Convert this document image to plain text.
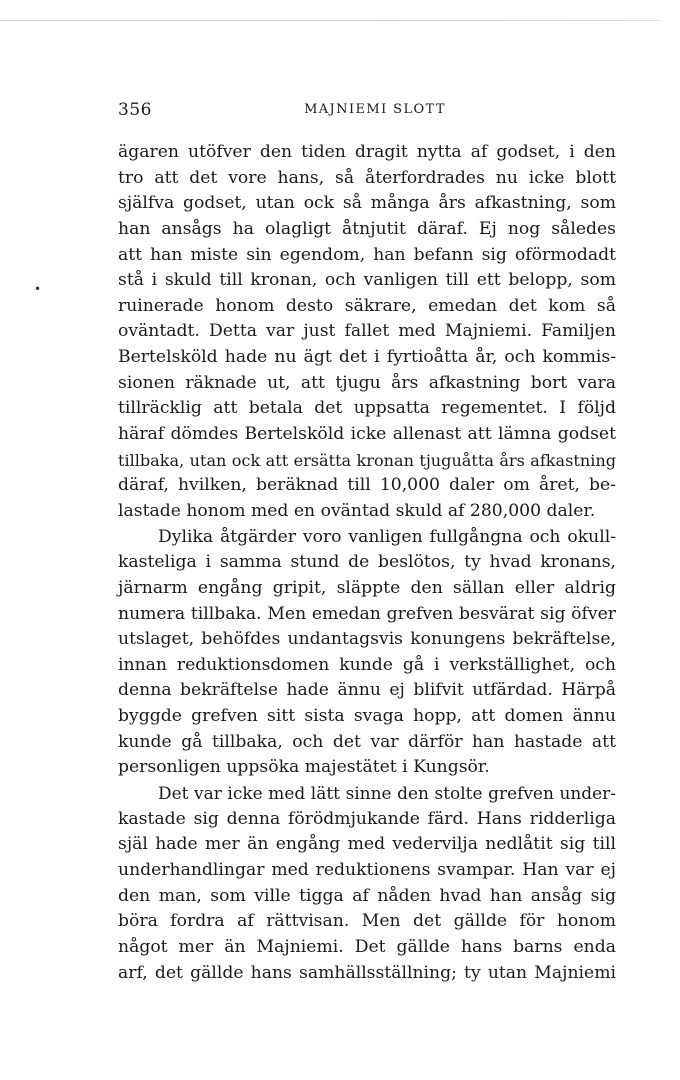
356	MAJNIEMI SLOTT
•
ägaren utöfver den tiden dragit nytta af godset, i den
tro att det vore hans, så återfordrades nu icke blott
själfva godset, utan ock så många års afkastning, som
han ansågs ha olagligt åtnjutit däraf. Ej nog således
att han miste sin egendom, han befann sig oförmodadt
stå i skuld till kronan, och vanligen till ett belopp, som
ruinerade honom desto säkrare, emedan det kom så
oväntadt. Detta var just fallet med Majniemi. Familjen
Bertelsköld hade nu ägt det i fyrtioåtta år, och kommis-
sionen räknade ut, att tjugu års afkastning bort vara
tillräcklig att betala det uppsatta regementet. I följd
häraf dömdes Bertelsköld icke allenast att lämna godset
tillbaka, utan ock att ersätta kronan tjuguåtta års afkastning
däraf, hvilken, beräknad till 10,000 daler om året, be-
lastade honom med en oväntad skuld af 280,000 daler.
Dylika åtgärder voro vanligen fullgångna och okull-
kasteliga i samma stund de beslötos, ty hvad kronans,
järnarm engång gripit, släppte den sällan eller aldrig
numera tillbaka. Men emedan grefven besvärat sig öfver
utslaget, behöfdes undantagsvis konungens bekräftelse,
innan reduktionsdomen kunde gå i verkställighet, och
denna bekräftelse hade ännu ej blifvit utfärdad. Härpå
byggde grefven sitt sista svaga hopp, att domen ännu
kunde gå tillbaka, och det var därför han hastade att
personligen uppsöka majestätet i Kungsör.
Det var icke med lätt sinne den stolte grefven under-
kastade sig denna förödmjukande färd. Hans ridderliga
själ hade mer än engång med vedervilja nedlåtit sig till
underhandlingar med reduktionens svampar. Han var ej
den man, som ville tigga af nåden hvad han ansåg sig
böra fordra af rättvisan. Men det gällde för honom
något mer än Majniemi. Det gällde hans barns enda
arf, det gällde hans samhällsställning; ty utan Majniemi
